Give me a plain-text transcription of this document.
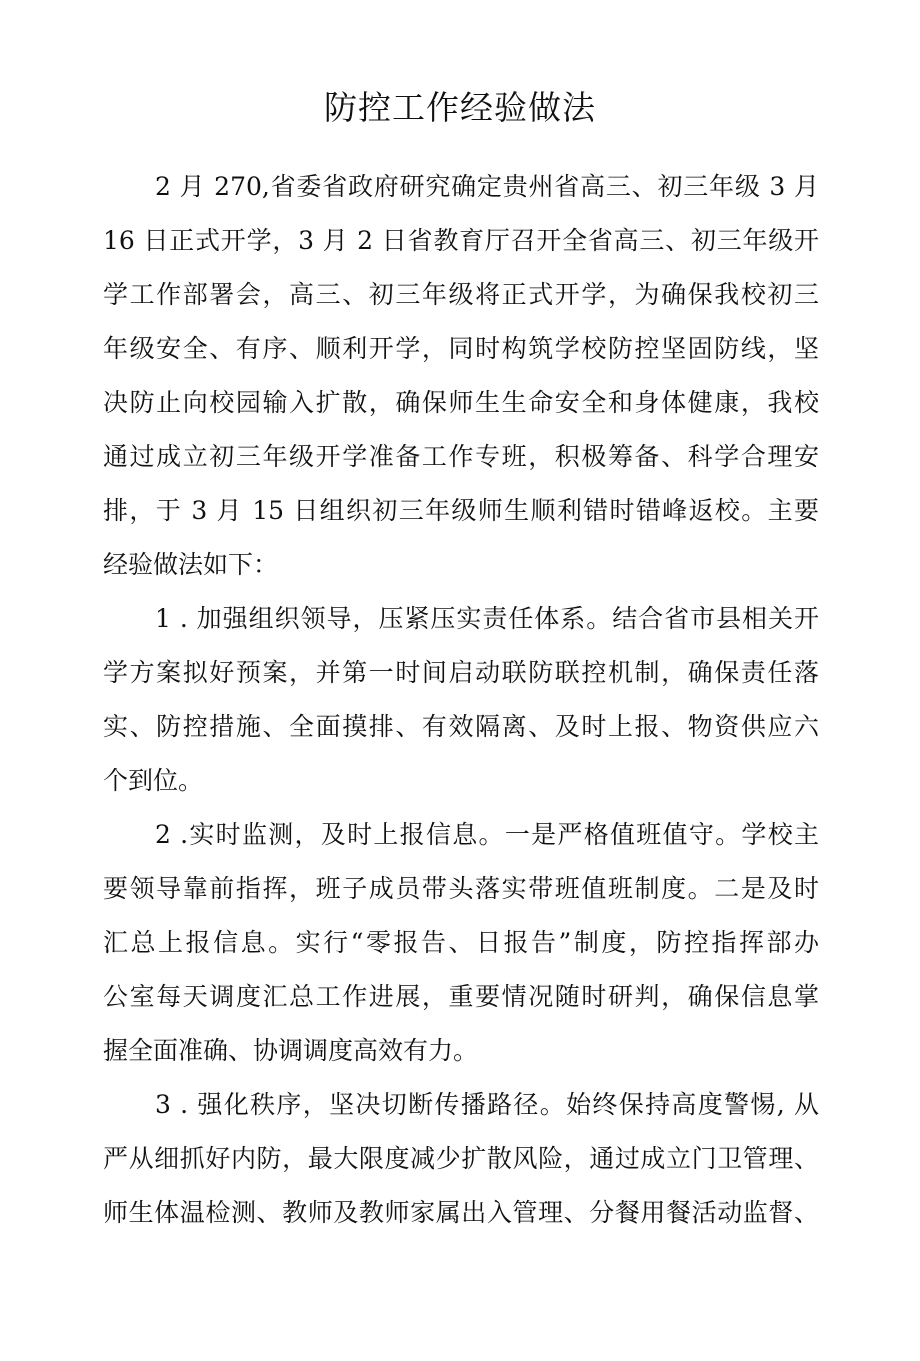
防控工作经验做法

2 月 270,省委省政府研究确定贵州省高三、初三年级 3 月

16 日正式开学，3 月 2 日省教育厅召开全省高三、初三年级开

学工作部署会，高三、初三年级将正式开学，为确保我校初三

年级安全、有序、顺利开学，同时构筑学校防控坚固防线，坚

决防止向校园输入扩散，确保师生生命安全和身体健康，我校

通过成立初三年级开学准备工作专班，积极筹备、科学合理安

排，于 3 月 15 日组织初三年级师生顺利错时错峰返校。主要

经验做法如下：

1 . 加强组织领导，压紧压实责任体系。结合省市县相关开

学方案拟好预案，并第一时间启动联防联控机制，确保责任落

实、防控措施、全面摸排、有效隔离、及时上报、物资供应六

个到位。

2 .实时监测，及时上报信息。一是严格值班值守。学校主

要领导靠前指挥，班子成员带头落实带班值班制度。二是及时

汇总上报信息。实行“零报告、日报告”制度，防控指挥部办

公室每天调度汇总工作进展，重要情况随时研判，确保信息掌

握全面准确、协调调度高效有力。

3 . 强化秩序，坚决切断传播路径。始终保持高度警惕, 从

严从细抓好内防，最大限度减少扩散风险，通过成立门卫管理、

师生体温检测、教师及教师家属出入管理、分餐用餐活动监督、
